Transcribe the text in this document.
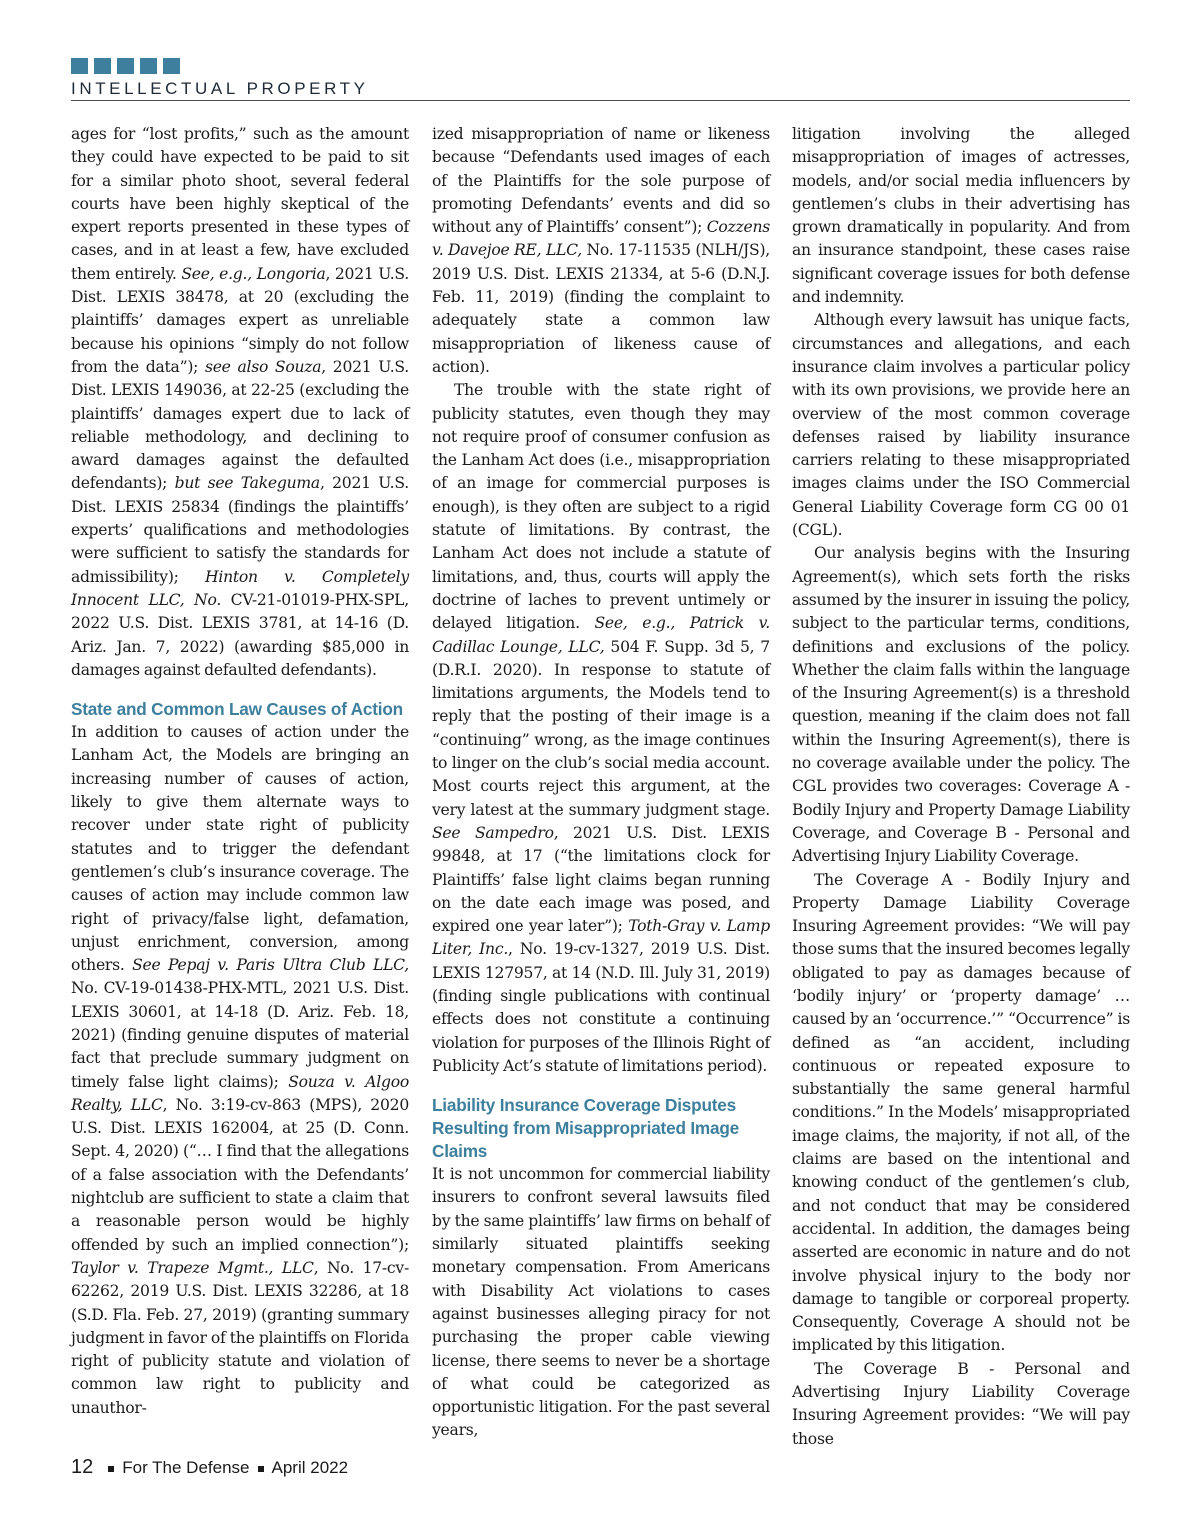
INTELLECTUAL PROPERTY

ages for “lost profits,” such as the amount they could have expected to be paid to sit for a similar photo shoot, several federal courts have been highly skeptical of the expert reports presented in these types of cases, and in at least a few, have excluded them entirely. See, e.g., Longoria, 2021 U.S. Dist. LEXIS 38478, at 20 (excluding the plaintiffs’ damages expert as unreliable because his opinions “simply do not follow from the data”); see also Souza, 2021 U.S. Dist. LEXIS 149036, at 22-25 (excluding the plaintiffs’ damages expert due to lack of reliable methodology, and declining to award damages against the defaulted defendants); but see Takeguma, 2021 U.S. Dist. LEXIS 25834 (findings the plaintiffs’ experts’ qualifications and methodologies were sufficient to satisfy the standards for admissibility); Hinton v. Completely Innocent LLC, No. CV-21-01019-PHX-SPL, 2022 U.S. Dist. LEXIS 3781, at 14-16 (D. Ariz. Jan. 7, 2022) (awarding $85,000 in damages against defaulted defendants).

State and Common Law Causes of Action

In addition to causes of action under the Lanham Act, the Models are bringing an increasing number of causes of action, likely to give them alternate ways to recover under state right of publicity statutes and to trigger the defendant gentlemen’s club’s insurance coverage. The causes of action may include common law right of privacy/false light, defamation, unjust enrichment, conversion, among others. See Pepaj v. Paris Ultra Club LLC, No. CV-19-01438-PHX-MTL, 2021 U.S. Dist. LEXIS 30601, at 14-18 (D. Ariz. Feb. 18, 2021) (finding genuine disputes of material fact that preclude summary judgment on timely false light claims); Souza v. Algoo Realty, LLC, No. 3:19-cv-863 (MPS), 2020 U.S. Dist. LEXIS 162004, at 25 (D. Conn. Sept. 4, 2020) (“… I find that the allegations of a false association with the Defendants’ nightclub are sufficient to state a claim that a reasonable person would be highly offended by such an implied connection”); Taylor v. Trapeze Mgmt., LLC, No. 17-cv-62262, 2019 U.S. Dist. LEXIS 32286, at 18 (S.D. Fla. Feb. 27, 2019) (granting summary judgment in favor of the plaintiffs on Florida right of publicity statute and violation of common law right to publicity and unauthor-

ized misappropriation of name or likeness because “Defendants used images of each of the Plaintiffs for the sole purpose of promoting Defendants’ events and did so without any of Plaintiffs’ consent”); Cozzens v. Davejoe RE, LLC, No. 17-11535 (NLH/JS), 2019 U.S. Dist. LEXIS 21334, at 5-6 (D.N.J. Feb. 11, 2019) (finding the complaint to adequately state a common law misappropriation of likeness cause of action).

The trouble with the state right of publicity statutes, even though they may not require proof of consumer confusion as the Lanham Act does (i.e., misappropriation of an image for commercial purposes is enough), is they often are subject to a rigid statute of limitations. By contrast, the Lanham Act does not include a statute of limitations, and, thus, courts will apply the doctrine of laches to prevent untimely or delayed litigation. See, e.g., Patrick v. Cadillac Lounge, LLC, 504 F. Supp. 3d 5, 7 (D.R.I. 2020). In response to statute of limitations arguments, the Models tend to reply that the posting of their image is a “continuing” wrong, as the image continues to linger on the club’s social media account. Most courts reject this argument, at the very latest at the summary judgment stage. See Sampedro, 2021 U.S. Dist. LEXIS 99848, at 17 (“the limitations clock for Plaintiffs’ false light claims began running on the date each image was posed, and expired one year later”); Toth-Gray v. Lamp Liter, Inc., No. 19-cv-1327, 2019 U.S. Dist. LEXIS 127957, at 14 (N.D. Ill. July 31, 2019) (finding single publications with continual effects does not constitute a continuing violation for purposes of the Illinois Right of Publicity Act’s statute of limitations period).

Liability Insurance Coverage Disputes Resulting from Misappropriated Image Claims

It is not uncommon for commercial liability insurers to confront several lawsuits filed by the same plaintiffs’ law firms on behalf of similarly situated plaintiffs seeking monetary compensation. From Americans with Disability Act violations to cases against businesses alleging piracy for not purchasing the proper cable viewing license, there seems to never be a shortage of what could be categorized as opportunistic litigation. For the past several years,

litigation involving the alleged misappropriation of images of actresses, models, and/or social media influencers by gentlemen’s clubs in their advertising has grown dramatically in popularity. And from an insurance standpoint, these cases raise significant coverage issues for both defense and indemnity.

Although every lawsuit has unique facts, circumstances and allegations, and each insurance claim involves a particular policy with its own provisions, we provide here an overview of the most common coverage defenses raised by liability insurance carriers relating to these misappropriated images claims under the ISO Commercial General Liability Coverage form CG 00 01 (CGL).

Our analysis begins with the Insuring Agreement(s), which sets forth the risks assumed by the insurer in issuing the policy, subject to the particular terms, conditions, definitions and exclusions of the policy. Whether the claim falls within the language of the Insuring Agreement(s) is a threshold question, meaning if the claim does not fall within the Insuring Agreement(s), there is no coverage available under the policy. The CGL provides two coverages: Coverage A - Bodily Injury and Property Damage Liability Coverage, and Coverage B - Personal and Advertising Injury Liability Coverage.

The Coverage A - Bodily Injury and Property Damage Liability Coverage Insuring Agreement provides: “We will pay those sums that the insured becomes legally obligated to pay as damages because of ‘bodily injury’ or ‘property damage’ … caused by an ‘occurrence.’” “Occurrence” is defined as “an accident, including continuous or repeated exposure to substantially the same general harmful conditions.” In the Models’ misappropriated image claims, the majority, if not all, of the claims are based on the intentional and knowing conduct of the gentlemen’s club, and not conduct that may be considered accidental. In addition, the damages being asserted are economic in nature and do not involve physical injury to the body nor damage to tangible or corporeal property. Consequently, Coverage A should not be implicated by this litigation.

The Coverage B - Personal and Advertising Injury Liability Coverage Insuring Agreement provides: “We will pay those

12 For The Defense April 2022
